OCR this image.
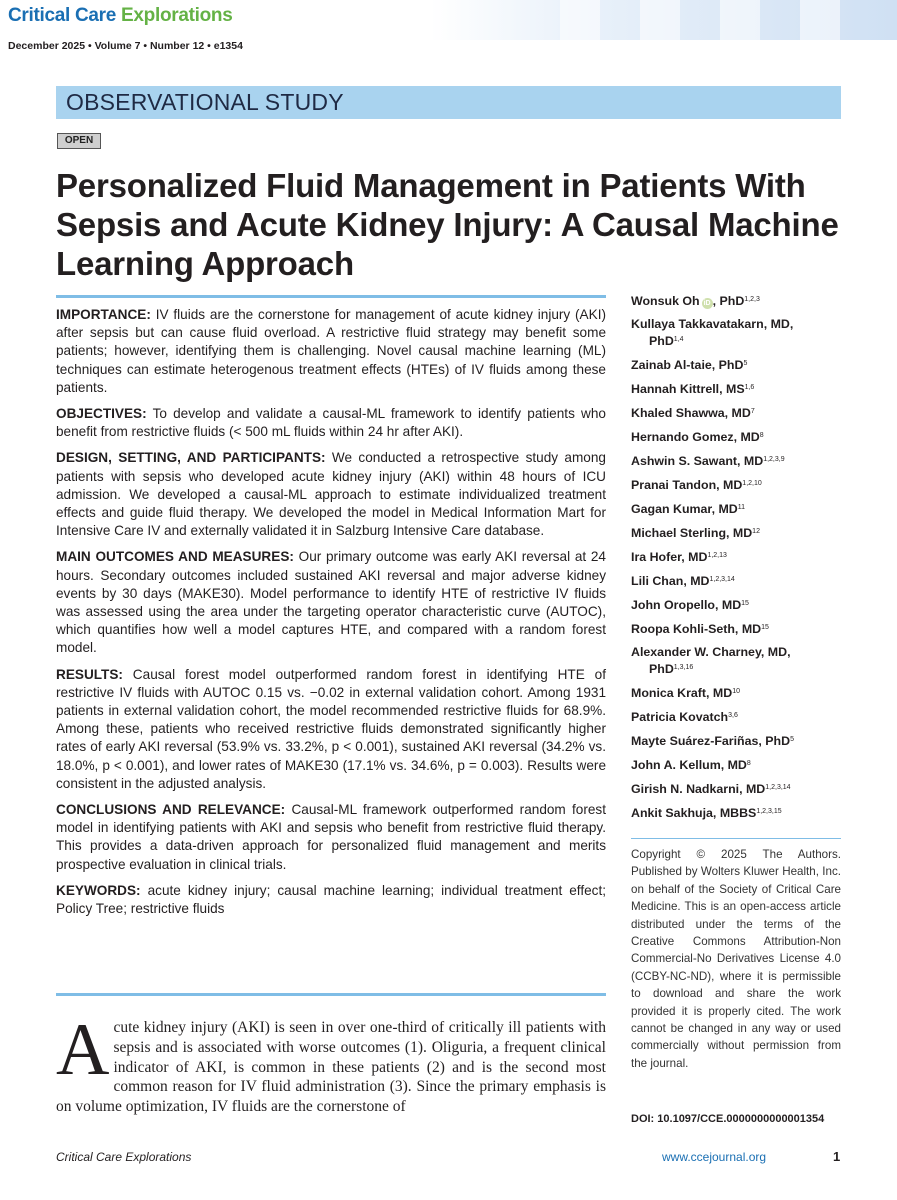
Critical Care Explorations
December 2025 • Volume 7 • Number 12 • e1354
OBSERVATIONAL STUDY
OPEN
Personalized Fluid Management in Patients With Sepsis and Acute Kidney Injury: A Causal Machine Learning Approach

IMPORTANCE: IV fluids are the cornerstone for management of acute kidney injury (AKI) after sepsis but can cause fluid overload. A restrictive fluid strategy may benefit some patients; however, identifying them is challenging. Novel causal machine learning (ML) techniques can estimate heterogenous treatment effects (HTEs) of IV fluids among these patients.

OBJECTIVES: To develop and validate a causal-ML framework to identify patients who benefit from restrictive fluids (< 500 mL fluids within 24 hr after AKI).

DESIGN, SETTING, AND PARTICIPANTS: We conducted a retrospective study among patients with sepsis who developed acute kidney injury (AKI) within 48 hours of ICU admission. We developed a causal-ML approach to estimate individualized treatment effects and guide fluid therapy. We developed the model in Medical Information Mart for Intensive Care IV and externally validated it in Salzburg Intensive Care database.

MAIN OUTCOMES AND MEASURES: Our primary outcome was early AKI reversal at 24 hours. Secondary outcomes included sustained AKI reversal and major adverse kidney events by 30 days (MAKE30). Model performance to identify HTE of restrictive IV fluids was assessed using the area under the targeting operator characteristic curve (AUTOC), which quantifies how well a model captures HTE, and compared with a random forest model.

RESULTS: Causal forest model outperformed random forest in identifying HTE of restrictive IV fluids with AUTOC 0.15 vs. −0.02 in external validation cohort. Among 1931 patients in external validation cohort, the model recommended restrictive fluids for 68.9%. Among these, patients who received restrictive fluids demonstrated significantly higher rates of early AKI reversal (53.9% vs. 33.2%, p < 0.001), sustained AKI reversal (34.2% vs. 18.0%, p < 0.001), and lower rates of MAKE30 (17.1% vs. 34.6%, p = 0.003). Results were consistent in the adjusted analysis.

CONCLUSIONS AND RELEVANCE: Causal-ML framework outperformed random forest model in identifying patients with AKI and sepsis who benefit from restrictive fluid therapy. This provides a data-driven approach for personalized fluid management and merits prospective evaluation in clinical trials.

KEYWORDS: acute kidney injury; causal machine learning; individual treatment effect; Policy Tree; restrictive fluids

Wonsuk Oh iD , PhD$^{1,2,3}$
Kullaya Takkavatakarn, MD,
PhD$^{1,4}$
Zainab Al-taie, PhD$^5$
Hannah Kittrell, MS$^{1,6}$
Khaled Shawwa, $MD^7$
Hernando Gomez, $MD^8$
Ashwin S. Sawant, MD$^{1,2,3,9}$
Pranai Tandon, MD$^{1,2,10}$
Gagan Kumar, MD$^{11}$
Michael Sterling, MD$^{12}$
Ira Hofer, MD$^{1,2,13}$
Lili Chan, MD$^{1,2,3,14}$
John Oropello, MD$^{15}$
Roopa Kohli-Seth, MD$^{15}$
Alexander W. Charney, MD,
PhD$^{1,3,16}$
Monica Kraft, MD$^{10}$
Patricia Kovatch$^{3,6}$
Mayte Suárez-Fariñas, PhD$^5$
John A. Kellum, $MD^8$
Girish N. Nadkarni, MD$^{1,2,3,14}$
Ankit Sakhuja, MBBS$^{1,2,3,15}$
Copyright © 2025 The Authors. Published by Wolters Kluwer Health, Inc. on behalf of the Society of Critical Care Medicine. This is an open-access article distributed under the terms of the Creative Commons Attribution-Non Commercial-No Derivatives License 4.0 (CCBY-NC-ND), where it is permissible to download and share the work provided it is properly cited. The work cannot be changed in any way or used commercially without permission from the journal.
DOI: 10.1097/CCE.0000000000001354
Acute kidney injury (AKI) is seen in over one-third of critically ill patients with sepsis and is associated with worse outcomes (1). Oliguria, a frequent clinical indicator of AKI, is common in these patients (2) and is the second most common reason for IV fluid administration (3). Since the primary emphasis is on volume optimization, IV fluids are the cornerstone of
Critical Care Explorations	www.ccejournal.org	1
